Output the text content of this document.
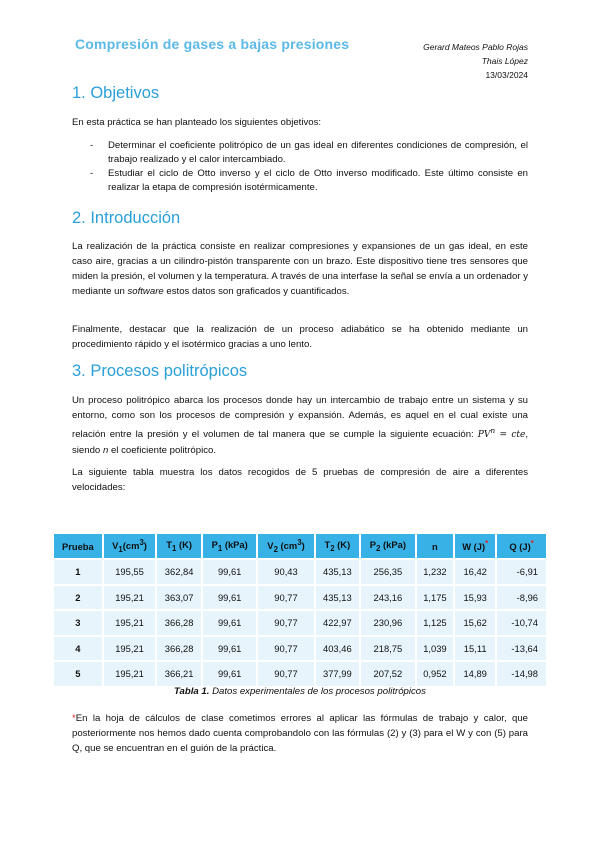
Compresión de gases a bajas presiones	Gerard Mateos Pablo Rojas
Thais López
13/03/2024
1. Objetivos

En esta práctica se han planteado los siguientes objetivos:

- Determinar el coeficiente politrópico de un gas ideal en diferentes condiciones de compresión, el trabajo realizado y el calor intercambiado.
- Estudiar el ciclo de Otto inverso y el ciclo de Otto inverso modificado. Este último consiste en realizar la etapa de compresión isotérmicamente.
2. Introducción

La realización de la práctica consiste en realizar compresiones y expansiones de un gas ideal, en este caso aire, gracias a un cilindro-pistón transparente con un brazo. Este dispositivo tiene tres sensores que miden la presión, el volumen y la temperatura. A través de una interfase la señal se envía a un ordenador y mediante un software estos datos son graficados y cuantificados.

Finalmente, destacar que la realización de un proceso adiabático se ha obtenido mediante un procedimiento rápido y el isotérmico gracias a uno lento.

3. Procesos politrópicos

Un proceso politrópico abarca los procesos donde hay un intercambio de trabajo entre un sistema y su entorno, como son los procesos de compresión y expansión. Además, es aquel en el cual existe una relación entre la presión y el volumen de tal manera que se cumple la siguiente ecuación: $PV^n$ = cte, siendo n el coeficiente politrópico.

La siguiente tabla muestra los datos recogidos de 5 pruebas de compresión de aire a diferentes velocidades:

Prueba	$V_1(cm^3)$	$T_1$ (K)	$P_1$ (kPa)	$V_2$ $(cm^3)$	$T_2$ (K)	$P_2$ (kPa)	n	W (J)*	Q (J)*
1	195,55	362,84	99,61	90,43	435,13	256,35	1,232	16,42	-6,91
2	195,21	363,07	99,61	90,77	435,13	243,16	1,175	15,93	-8,96
3	195,21	366,28	99,61	90,77	422,97	230,96	1,125	15,62	-10,74
4	195,21	366,28	99,61	90,77	403,46	218,75	1,039	15,11	-13,64
5	195,21	366,21	99,61	90,77	377,99	207,52	0,952	14,89	-14,98
Tabla 1. Datos experimentales de los procesos politrópicos

*En la hoja de cálculos de clase cometimos errores al aplicar las fórmulas de trabajo y calor, que posteriormente nos hemos dado cuenta comprobandolo con las fórmulas (2) y (3) para el W y con (5) para Q, que se encuentran en el guión de la práctica.
